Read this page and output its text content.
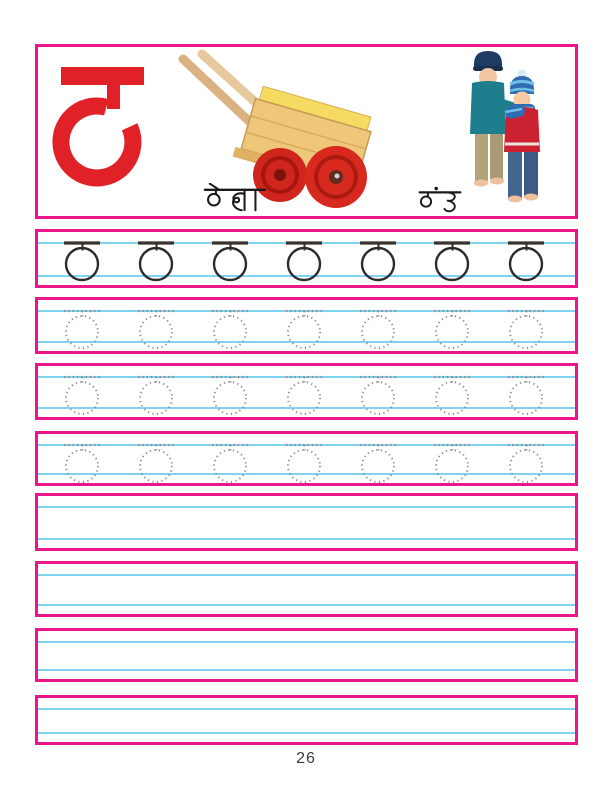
26
